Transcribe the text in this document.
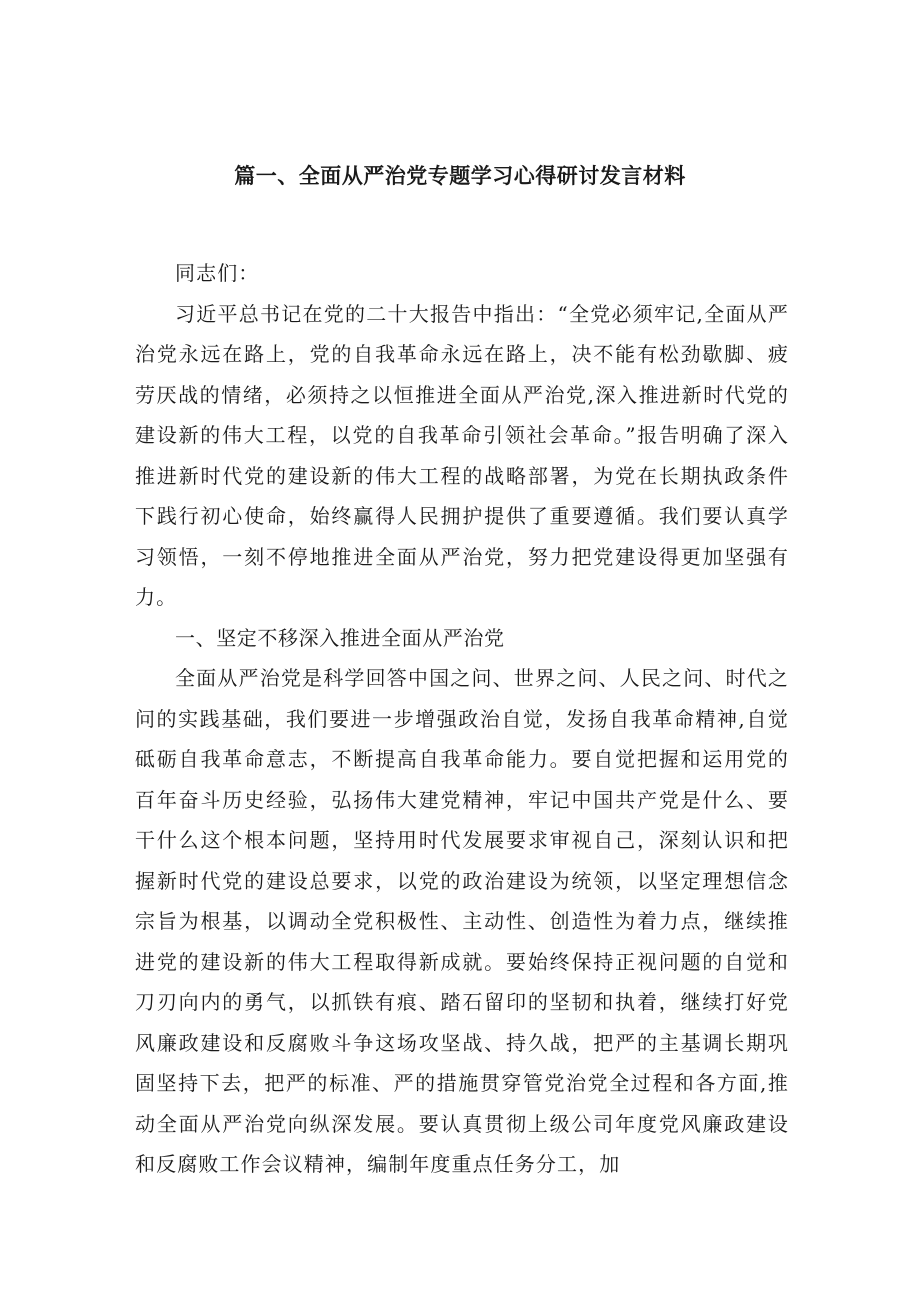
篇一、全面从严治党专题学习心得研讨发言材料

同志们：

习近平总书记在党的二十大报告中指出：“全党必须牢记,全面从严治党永远在路上，党的自我革命永远在路上，决不能有松劲歇脚、疲劳厌战的情绪，必须持之以恒推进全面从严治党,深入推进新时代党的建设新的伟大工程，以党的自我革命引领社会革命。”报告明确了深入推进新时代党的建设新的伟大工程的战略部署，为党在长期执政条件下践行初心使命，始终赢得人民拥护提供了重要遵循。我们要认真学习领悟，一刻不停地推进全面从严治党，努力把党建设得更加坚强有力。

一、坚定不移深入推进全面从严治党

全面从严治党是科学回答中国之问、世界之问、人民之问、时代之问的实践基础，我们要进一步增强政治自觉，发扬自我革命精神,自觉砥砺自我革命意志，不断提高自我革命能力。要自觉把握和运用党的百年奋斗历史经验，弘扬伟大建党精神，牢记中国共产党是什么、要干什么这个根本问题，坚持用时代发展要求审视自己，深刻认识和把握新时代党的建设总要求，以党的政治建设为统领，以坚定理想信念宗旨为根基，以调动全党积极性、主动性、创造性为着力点，继续推进党的建设新的伟大工程取得新成就。要始终保持正视问题的自觉和刀刃向内的勇气，以抓铁有痕、踏石留印的坚韧和执着，继续打好党风廉政建设和反腐败斗争这场攻坚战、持久战，把严的主基调长期巩固坚持下去，把严的标准、严的措施贯穿管党治党全过程和各方面,推动全面从严治党向纵深发展。要认真贯彻上级公司年度党风廉政建设和反腐败工作会议精神，编制年度重点任务分工，加
